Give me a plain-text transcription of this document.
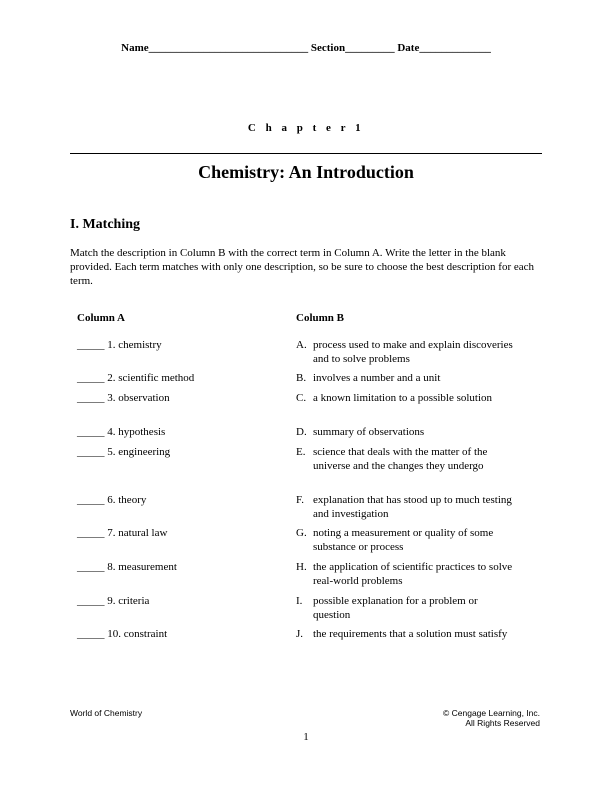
Name_____________________________ Section_________ Date_____________
C h a p t e r 1
Chemistry: An Introduction
I. Matching
Match the description in Column B with the correct term in Column A. Write the letter in the blank provided. Each term matches with only one description, so be sure to choose the best description for each term.
Column A	Column B
_____ 1. chemistry
_____ 2. scientific method
_____ 3. observation
_____ 4. hypothesis
_____ 5. engineering
_____ 6. theory
_____ 7. natural law
_____ 8. measurement
_____ 9. criteria
_____ 10. constraint
A. process used to make and explain discoveries and to solve problems
B. involves a number and a unit
C. a known limitation to a possible solution
D. summary of observations
E. science that deals with the matter of the universe and the changes they undergo
F. explanation that has stood up to much testing and investigation
G. noting a measurement or quality of some substance or process
H. the application of scientific practices to solve real-world problems
I. possible explanation for a problem or question
J. the requirements that a solution must satisfy
World of Chemistry	© Cengage Learning, Inc.
All Rights Reserved
1
